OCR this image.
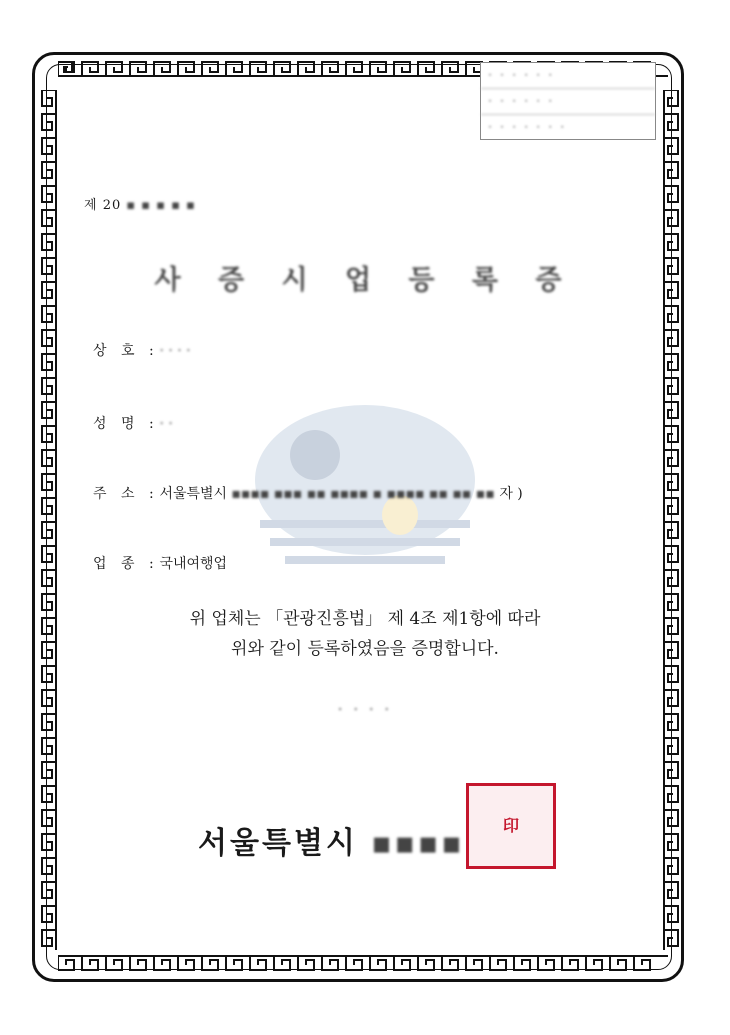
· · · · · ·
· · · · · ·
· · · · · · ·
제 20 ▪ ▪ ▪ ▪ ▪
사 증 시 업 등 록 증
상 호 : · · · ·
성 명 : · ·
주 소 : 서울특별시 ▪▪▪▪ ▪▪▪ ▪▪ ▪▪▪▪ ▪ ▪▪▪▪ ▪▪ ▪▪ ▪▪ 자 )
업 종 : 국내여행업
위 업체는 「관광진흥법」 제 4조 제1항에 따라
위와 같이 등록하였음을 증명합니다.
· · · ·
서울특별시 ▪▪▪▪
印
